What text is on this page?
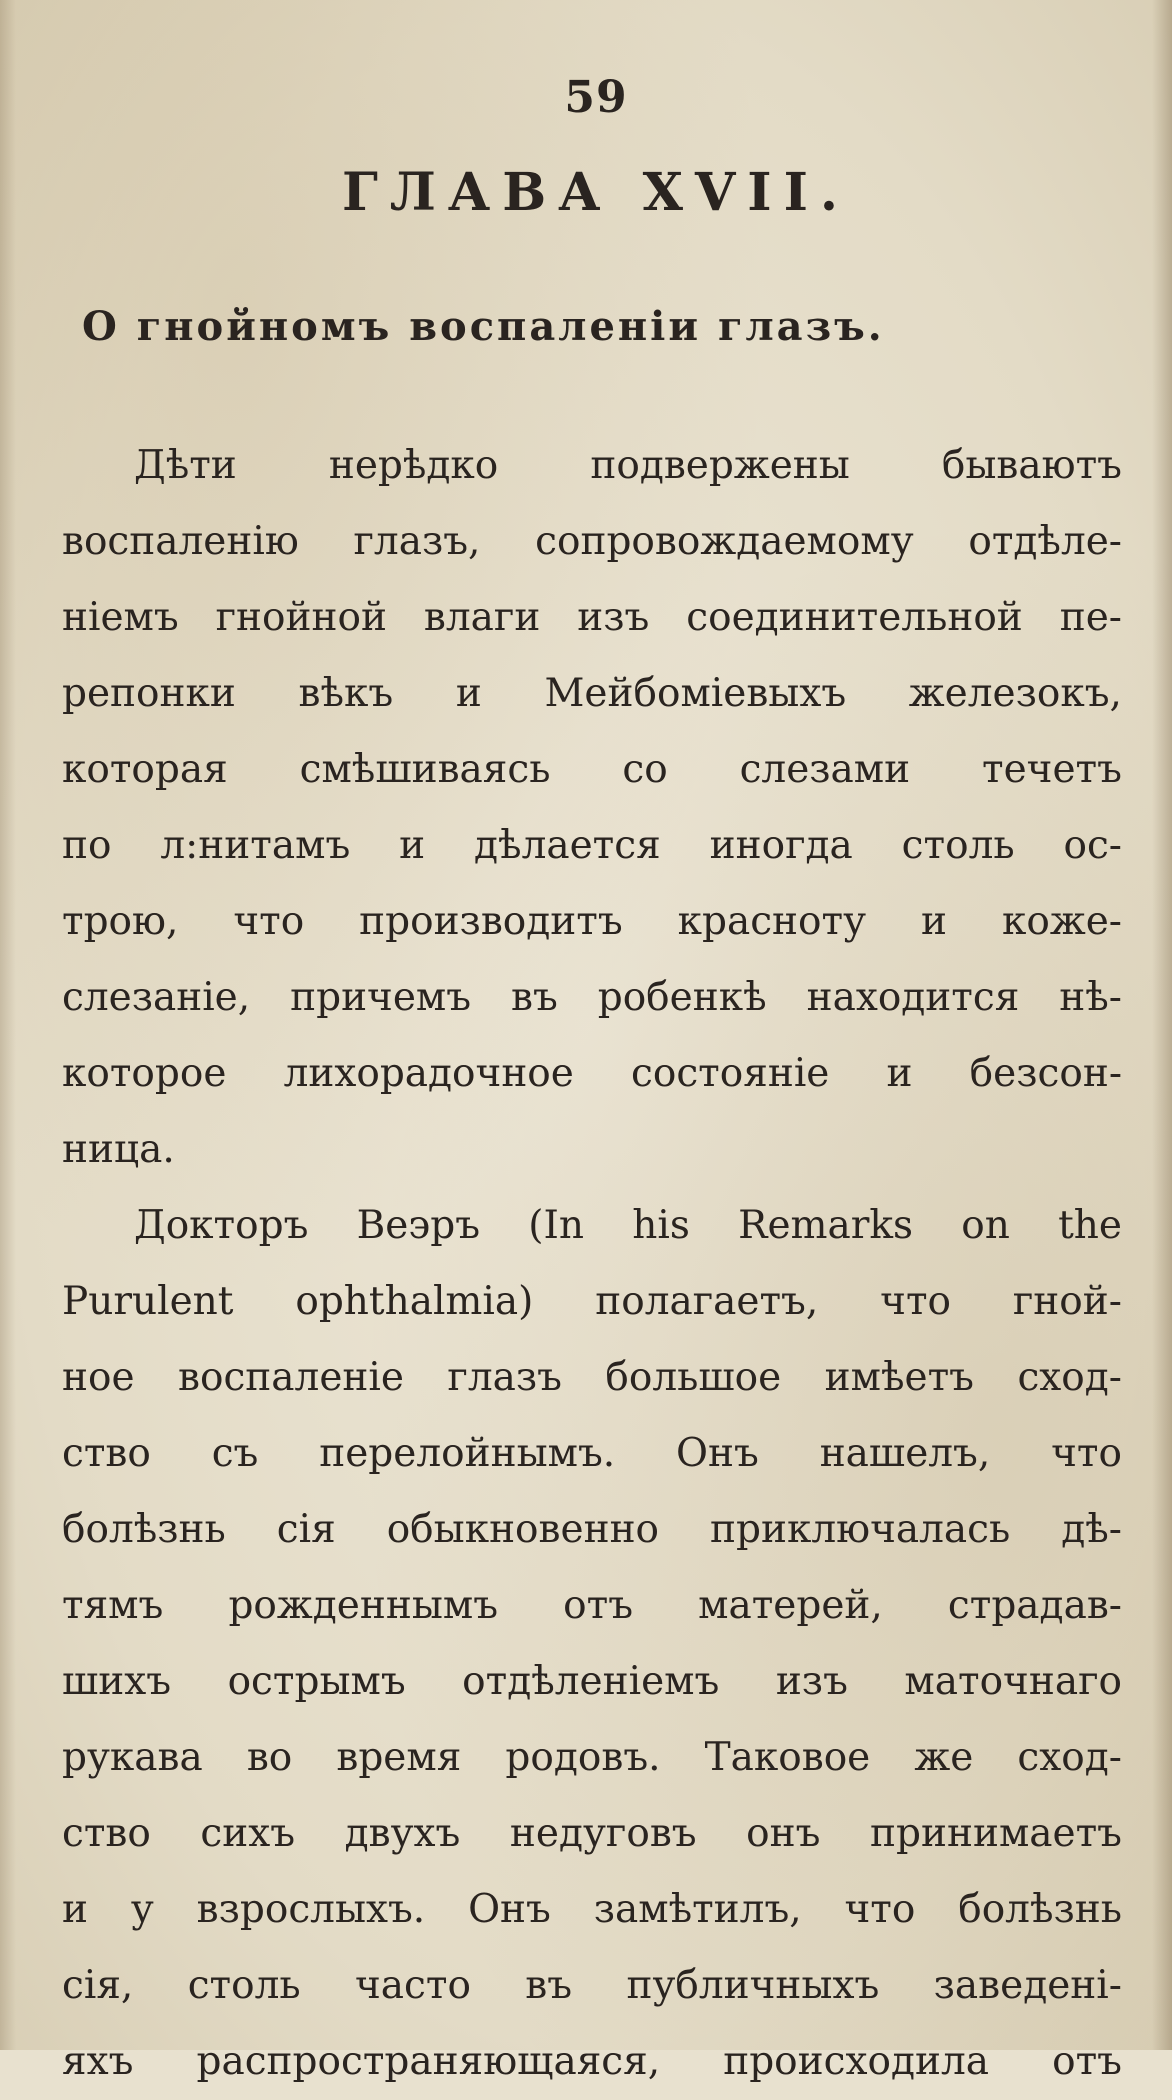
59
ГЛАВА XVII.
О гнойномъ воспаленіи глазъ.
Дѣти нерѣдко подвержены бываютъ
воспаленію глазъ, сопровождаемому отдѣле-
ніемъ гнойной влаги изъ соединительной пе-
репонки вѣкъ и Мейбоміевыхъ железокъ,
которая смѣшиваясь со слезами течетъ
по л:нитамъ и дѣлается иногда столь ос-
трою, что производитъ красноту и коже-
слезаніе, причемъ въ робенкѣ находится нѣ-
которое лихорадочное состояніе и безсон-
ница.
Докторъ Веэръ (In his Remarks on the
Purulent ophthalmia) полагаетъ, что гной-
ное воспаленіе глазъ большое имѣетъ сход-
ство съ перелойнымъ. Онъ нашелъ, что
болѣзнь сія обыкновенно приключалась дѣ-
тямъ рожденнымъ отъ матерей, страдав-
шихъ острымъ отдѣленіемъ изъ маточнаго
рукава во время родовъ. Таковое же сход-
ство сихъ двухъ недуговъ онъ принимаетъ
и у взрослыхъ. Онъ замѣтилъ, что болѣзнь
сія, столь часто въ публичныхъ заведені-
яхъ распространяющаяся, происходила отъ
